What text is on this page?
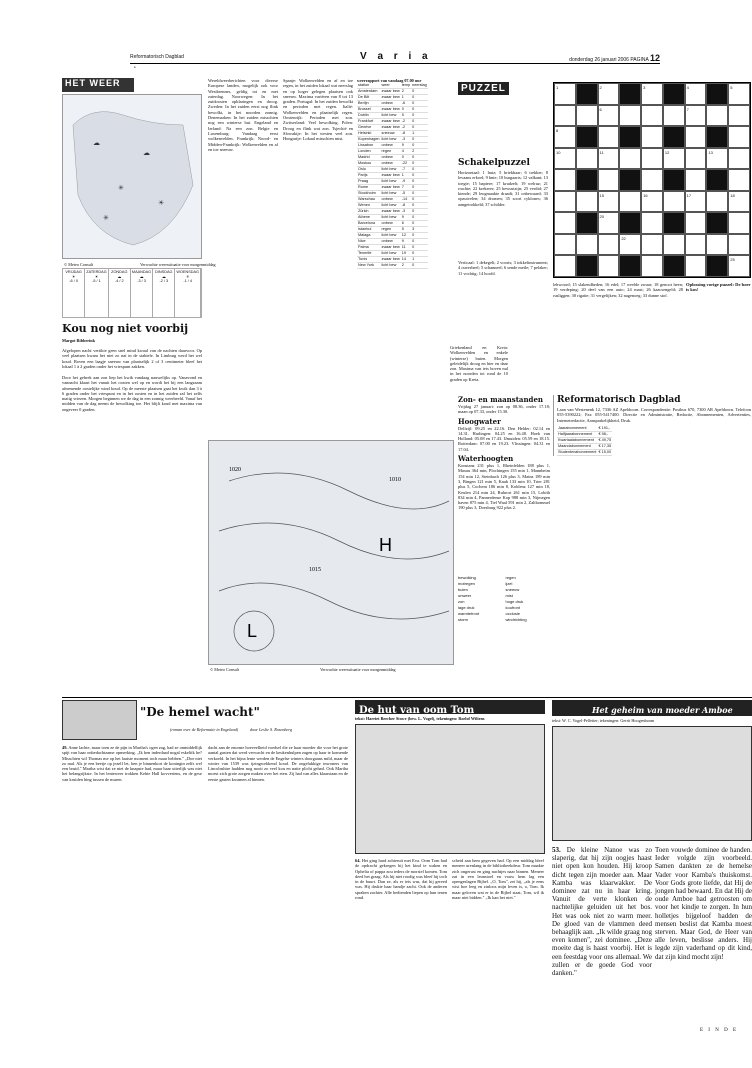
Reformatorisch Dagblad	V a r i a	donderdag 26 januari 2006 PAGINA 12
•
HET WEER
☁
☁
✳
☀
✳
© Meteo Consult	Verwachte weerssituatie voor morgenmiddag
VRIJDAG
☀
-6 / 0
ZATERDAG
☀
-5 / 1
ZONDAG
☁
-4 / 2
MAANDAG
☁
-3 / 3
DINSDAG
☁
-2 / 3
WOENSDAG
✳
-1 / 4
Kou nog niet voorbij
Margot Ribberink
Afgelopen nacht vertikte geen snel mind kwaal van de nachten daarvoor. Op veel plaatsen kwam het niet zo nat in de stabiele. In Limburg werd het wel koud. Boven een laagje sneeuw van plaatselijk 2 of 3 centimeter bleef het lokaal 1 à 2 graden onder het vriespunt zakken.
Door het gebrek aan zon liep het kwik vandaag nauwelijks op. Vanavond en vannacht klaart het vanuit het oosten wel op en wordt het bij een langzaam afnemende oostelijke wind koud. Op de meeste plaatsen gaat het kwik dan 3 à 6 graden onder het vriespunt en in het oosten en in het zuiden zal het zelfs matig vriezen. Morgen beginnen we de dag in een zonnig weerbeeld. Vanaf het midden van de dag neemt de bewolking toe. Het blijft koud met maxima van ongeveer 0 graden.
Wereldweerberichten voor diverse Europese landen, mogelijk ook voor Westbrennes, geldig tot en met zaterdag. Noorwegen: In het zuidoosten opklaringen en droog. Zweden: In het zuiden eerst nog flink bewolkt, in het noorden zonnig. Denemarken: In het zuiden misschien nog een winterse bui. Engeland en Ierland: Na een zon. Belgie en Luxemburg: Vandaag eerst wolkenvelden. Frankrijk: Noord- en Midden-Frankrijk: Wolkenvelden en af en toe sneeuw.
Spanje: Wolkenvelden en af en toe regen, in het zuiden lokaal wat neerslag en op hoger gelegen plaatsen ook sneeuw. Maxima variëren van 8 tot 13 graden. Portugal: In het zuiden bewolkt en perioden met regen. Italië: Wolkenvelden en plaatselijk regen. Oostenrijk: Perioden met zon. Zwitserland: Veel bewolking. Polen: Droog en flink wat zon. Tsjechië en Slowakije: In het westen veel zon. Hongarije: Lokaal misschien mist.
weerrapport van vandaag 07.00 uur
station	weer	temp	neerslag
Amsterdam	zwaar bew	2	0
De Bilt	zwaar bew	1	0
Berlijn	onbew	-6	0
Brussel	zwaar bew	0	0
Dublin	licht bew	5	0
Frankfurt	zwaar bew	-2	0
Genève	zwaar bew	-2	0
Helsinki	sneeuw	-8	1
Kopenhagen	licht bew	-3	0
Lissabon	onbew	9	0
Londen	regen	4	2
Madrid	onbew	0	0
Moskou	onbew	-22	0
Oslo	licht bew	-7	0
Parijs	zwaar bew	1	0
Praag	licht bew	-9	0
Rome	zwaar bew	7	0
Stockholm	licht bew	-5	0
Warschau	onbew	-14	0
Wenen	licht bew	-8	0
Zürich	zwaar bew	-3	0
Athene	licht bew	9	0
Barcelona	onbew	6	0
Istanbul	regen	5	3
Malaga	licht bew	12	0
Nice	onbew	9	0
Palma	zwaar bew	11	0
Tenerife	licht bew	19	0
Tunis	zwaar bew	14	1
New York	licht bew	2	0
Griekenland en Kreta: Wolkenvelden en enkele (winterse) buien. Morgen geleidelijk droog en hier en daar zon. Maxima van iets boven nul in het noorden tot rond de 10 graden op Kreta.
PUZZEL	1	2	3	4	5
6	7
8
10	11	12	13
15	16	17	18
20
22
25
Schakelpuzzel
Horizontaal: 1 huiz; 5 briekhaar; 6 trekker; 8 levaans erkoel; 9 bnie; 10 burgaarts; 12 valkant; 13 toegte; 15 baptere; 17 krudzelt; 19 welruz; 21 rrachte; 22 krekerer; 25 bewustzijn; 25 verdid; 27 kiende; 29 leogmaakte draadt; 31 onbewaard; 33 opzuivelen; 34 dromen; 35 soort cyklones; 36 aangetrokkeld; 37 schilder.
Verticaal: 1 dekegelt; 2 vooris; 3 tokkelinstrument; 4 ouverheel; 5 schanneel; 6 sende metle; 7 pelaker; 11 vochtig; 14 hoofd.
lehwoord; 15 slakendheden; 16 edel; 17 weelde zwaar; 18 genoot heen; 19 verdeping; 20 deel van een auto; 24 mast; 26 kaacsengeld; 28 rusliggen; 30 rigatie; 31 vergelijken; 32 nagenoeg; 33 dunne stof.
Oplossing vorige puzzel: De boer is kos!
L
H
1020
1015
1010
© Meteo Consult	Verwachte weerssituatie voor morgenmiddag
Zon- en maanstanden
Vrijdag 27 januari: zon op 08.36, onder 17.18; maan op 07.33, onder 15.30.
Hoogwater
Delfzijl: 09.25 en 22.16. Den Helder: 02.14 en 14.31. Harlingen: 04.25 en 16.48. Hoek van Holland: 05.08 en 17.43. IJmuiden: 05.59 en 18.15. Rotterdam: 07.00 en 19.23. Vlissingen: 04.31 en 17.04.
Waterhoogten
Konstanz 231 plus 1, Rheinfelden 188 plus 1, Maxau 364 min, Plochingen 155 min 1, Mannheim 154 min 12, Steinbach 126 plus 3, Mainz 189 min 3, Bingen 121 min 5, Kaub 133 min 10, Trier 281 plus 5, Cochem 186 min 8, Koblenz 127 min 18, Keulen 214 min 24, Ruhrort 261 min 15, Lobith 834 min 4, Pannerdense Kop 988 min 3, Nijmegen haven 875 min 4, Tiel Waal 591 min 2, Zaltbommel 190 plus 3, Doesburg 922 plus 2.
bewolking	regen
motregen	ijzel
buien	sneeuw
onweer	mist
zon	hoge druk
lage druk	koufront
warmtefront	occlusie
storm	windrichting
Reformatorisch Dagblad
Laan van Westenenk 12, 7336 AZ Apeldoorn. Correspondentie: Postbus 670, 7300 AR Apeldoorn. Telefoon 055-5390222; Fax 055-5417400. Directie en Administratie, Redactie, Abonnementen, Advertenties, Internetredactie, Aansprakelijkheid, Druk.
Jaarabonnement	€ 191,-
Halfjaarabonnement	€ 98,-
Kwartaalabonnement	€ 49,75
Maandabonnement	€ 17,35
Studentenabonnement	€ 15,00
"De hemel wacht"
(roman over de Reformatie in Engeland)	door Leslie S. Rosenberg
49. Anne lachte, maar toen ze de pijn in Martha's ogen zag, had ze onmiddellijk spijt van haar onbedachtzame opmerking. „Ik ben inderdaad nogal eskeliik he? Misschien wil Thomas me op het laatste moment toch maar hebben." „Doe niet zo mal. Als je een beetje op jezelf let, ben je binnenkort de koningin zelfs wel een bruid." Martha wist dat ze niet de knapste had, maar haar uiterlijk was niet het belangrijkste. In het lenteweer trokken Kebie Hall kovvertens, en de geur van kruiden hing tussen de muren.
dacht aan de enorme hoeveelheid voedsel die ze haar moeder die voor het grote aantal gasten dat werd verwacht en de keukenhulpen zagen op haar te komende verkoeld. In het bijna lente werden de Engelse winters doorgaans mild, maar de winter van 1539 was ijzingwekkend koud. De ongelukkige inwoners van Lincolnshire hadden nog nooit zo veel kou en natte plicht gehad. Ook Martha moest zich grote zorgen maken over het eten. Zij had van alles klaarstaan en de eerste gasten kwamen al binnen.
De hut van oom Tom
tekst: Harriet Beecher Stowe (bew. L. Vogel), tekeningen: Roelof Wiltens
64. Het ging hard achteruit met Eva. Oom Tom had de opdracht gekregen bij het kind te waken en Ophelia of pappa zou ieders de morstel komen. Tom deed het graag. Als hij niet roodig was bleef hij toch in de buurt. Dan ze, als er iets was, dat hij gereed was. Hij drukte haar handje zacht. Ook de anderen spraken zachter. Alle bedienden liepen op hun tenen rond.
scheid aan hem gegeven had. Op een middag bleef meneer urenlang in de bibliotheekdeur. Tom maakte zich ongerust en ging nachtjes naar binnen. Meneer zat in een leunstoel en vouw hem lag een opengeslagen Bijbel. „O, Tom", zei hij, „als je eens wist hoe leeg en zinloos mijn leven is, o, Tom. Ik maar geloven wat er in de Bijbel staat, Tom, wil ik maar niet bidden." „Ik kan het niet."
Het geheim van moeder Amboe
tekst: W. C. Vogel-Pelletier; tekeningen: Gerrit Hoogenboom
53. De kleine Nanoe was zo slaperig, dat hij zijn oogjes haast niet open kon houden. Hij kroop dicht tegen zijn moeder aan. Maar Kamba was klaarwakker. De dominee zat nu in haar kring. Vanuit de verte klonken de nachtelijke geluiden uit het bos. Het was ook niet zo warm meer. De gloed van de vlammen deed behaaglijk aan. „Ik wilde graag nog even komen", zei dominee. „Deze moeite dag is haast voorbij. Het is een feestdag voor ons allemaal. We zullen er de goede God voor danken."
Toen vouwde dominee de handen. Ieder volgde zijn voorbeeld. Samen dankten ze de hemelse Vader voor Kamba's thuiskomst. Voor Gods grote liefde, dat Hij de jongen had bewaard. En dat Hij de oude Amboe had getroosten om voor het kindje te zorgen. In hun holletjes bijgeloof hadden de mensen beslist dat Kamba moest sterven. Maar God, de Heer van alle leven, beslisse anders. Hij legde zijn vaderhand op dit kind, dat zijn kind mocht zijn!
E I N D E
